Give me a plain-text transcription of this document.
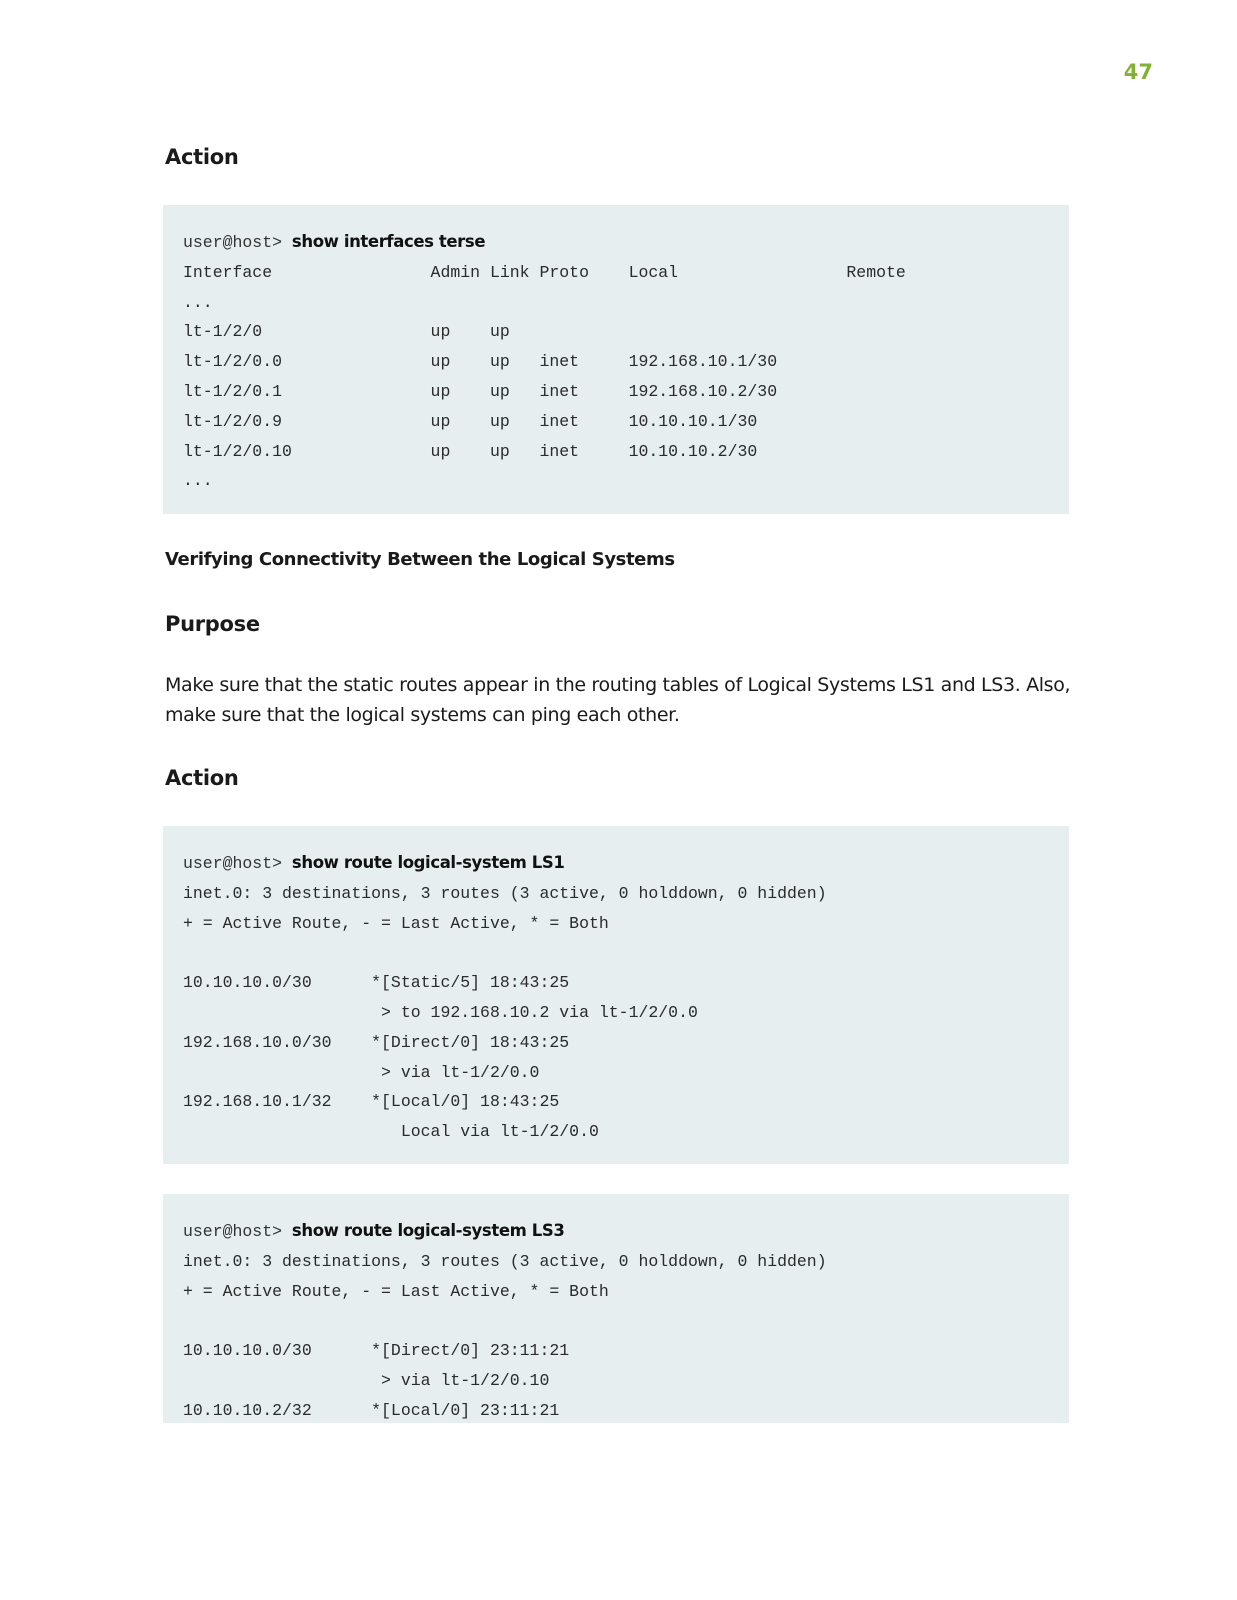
47
Action
user@host> show interfaces terse
Interface                Admin Link Proto    Local                 Remote
...
lt-1/2/0                 up    up
lt-1/2/0.0               up    up   inet     192.168.10.1/30
lt-1/2/0.1               up    up   inet     192.168.10.2/30
lt-1/2/0.9               up    up   inet     10.10.10.1/30
lt-1/2/0.10              up    up   inet     10.10.10.2/30
...
Verifying Connectivity Between the Logical Systems
Purpose
Make sure that the static routes appear in the routing tables of Logical Systems LS1 and LS3. Also, make sure that the logical systems can ping each other.
Action
user@host> show route logical-system LS1
inet.0: 3 destinations, 3 routes (3 active, 0 holddown, 0 hidden)
+ = Active Route, - = Last Active, * = Both

10.10.10.0/30      *[Static/5] 18:43:25
> to 192.168.10.2 via lt-1/2/0.0
192.168.10.0/30    *[Direct/0] 18:43:25
> via lt-1/2/0.0
192.168.10.1/32    *[Local/0] 18:43:25
Local via lt-1/2/0.0
user@host> show route logical-system LS3
inet.0: 3 destinations, 3 routes (3 active, 0 holddown, 0 hidden)
+ = Active Route, - = Last Active, * = Both

10.10.10.0/30      *[Direct/0] 23:11:21
> via lt-1/2/0.10
10.10.10.2/32      *[Local/0] 23:11:21
